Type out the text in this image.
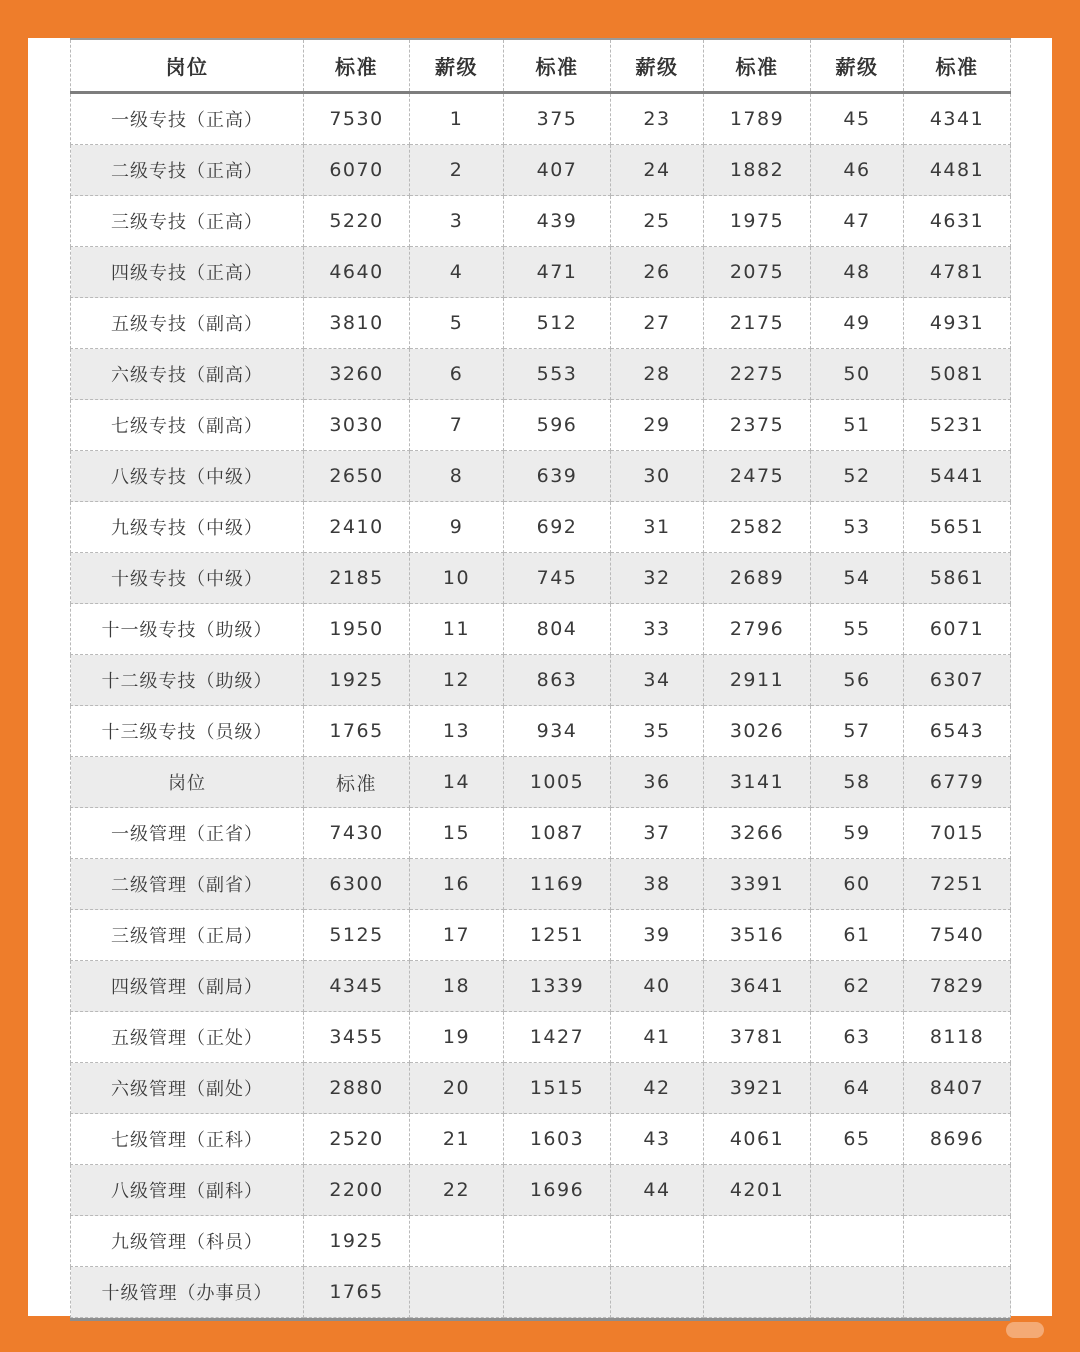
岗位	标准	薪级	标准	薪级	标准	薪级	标准
一级专技（正高）	7530	1	375	23	1789	45	4341
二级专技（正高）	6070	2	407	24	1882	46	4481
三级专技（正高）	5220	3	439	25	1975	47	4631
四级专技（正高）	4640	4	471	26	2075	48	4781
五级专技（副高）	3810	5	512	27	2175	49	4931
六级专技（副高）	3260	6	553	28	2275	50	5081
七级专技（副高）	3030	7	596	29	2375	51	5231
八级专技（中级）	2650	8	639	30	2475	52	5441
九级专技（中级）	2410	9	692	31	2582	53	5651
十级专技（中级）	2185	10	745	32	2689	54	5861
十一级专技（助级）	1950	11	804	33	2796	55	6071
十二级专技（助级）	1925	12	863	34	2911	56	6307
十三级专技（员级）	1765	13	934	35	3026	57	6543
岗位	标准	14	1005	36	3141	58	6779
一级管理（正省）	7430	15	1087	37	3266	59	7015
二级管理（副省）	6300	16	1169	38	3391	60	7251
三级管理（正局）	5125	17	1251	39	3516	61	7540
四级管理（副局）	4345	18	1339	40	3641	62	7829
五级管理（正处）	3455	19	1427	41	3781	63	8118
六级管理（副处）	2880	20	1515	42	3921	64	8407
七级管理（正科）	2520	21	1603	43	4061	65	8696
八级管理（副科）	2200	22	1696	44	4201		
九级管理（科员）	1925						
十级管理（办事员）	1765						
